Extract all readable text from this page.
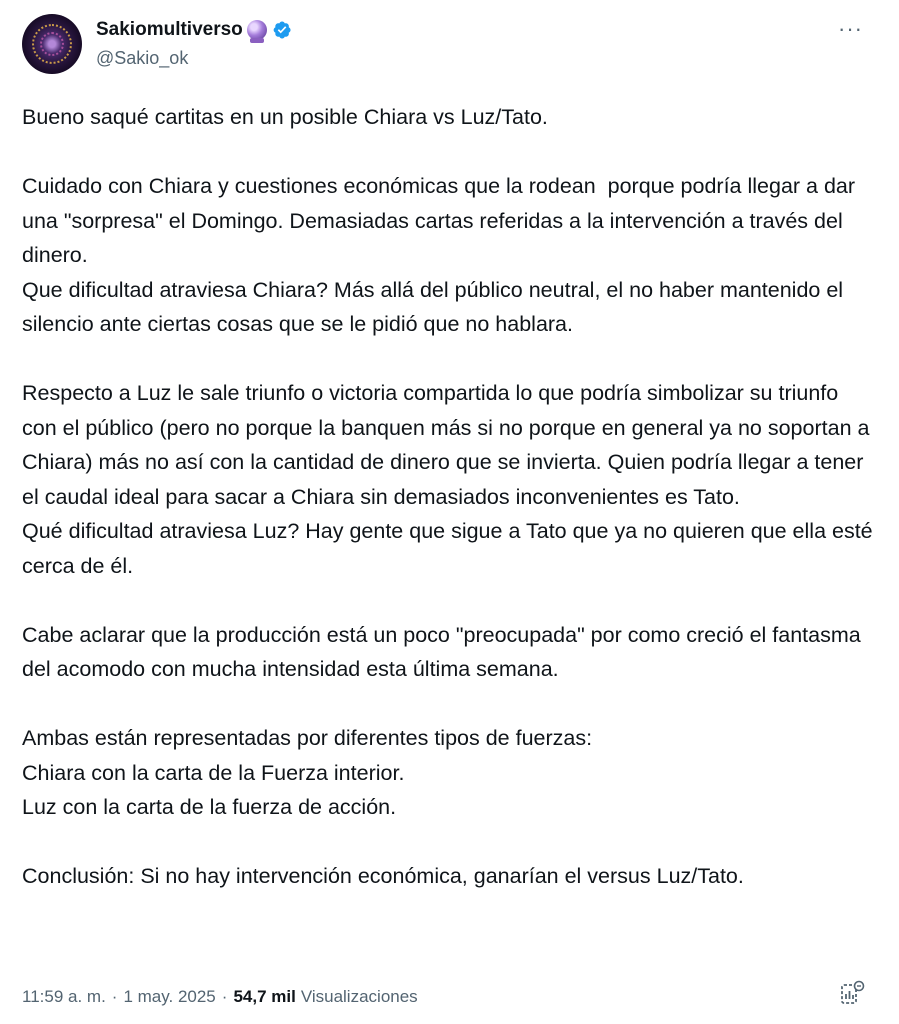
Sakiomultiverso
@Sakio_ok
···
Bueno saqué cartitas en un posible Chiara vs Luz/Tato.

Cuidado con Chiara y cuestiones económicas que la rodean  porque podría llegar a dar una "sorpresa" el Domingo. Demasiadas cartas referidas a la intervención a través del dinero.
Que dificultad atraviesa Chiara? Más allá del público neutral, el no haber mantenido el silencio ante ciertas cosas que se le pidió que no hablara.

Respecto a Luz le sale triunfo o victoria compartida lo que podría simbolizar su triunfo con el público (pero no porque la banquen más si no porque en general ya no soportan a Chiara) más no así con la cantidad de dinero que se invierta. Quien podría llegar a tener el caudal ideal para sacar a Chiara sin demasiados inconvenientes es Tato.
Qué dificultad atraviesa Luz? Hay gente que sigue a Tato que ya no quieren que ella esté cerca de él.

Cabe aclarar que la producción está un poco "preocupada" por como creció el fantasma del acomodo con mucha intensidad esta última semana.

Ambas están representadas por diferentes tipos de fuerzas:
Chiara con la carta de la Fuerza interior.
Luz con la carta de la fuerza de acción.

Conclusión: Si no hay intervención económica, ganarían el versus Luz/Tato.
11:59 a. m. · 1 may. 2025 · 54,7 mil Visualizaciones
